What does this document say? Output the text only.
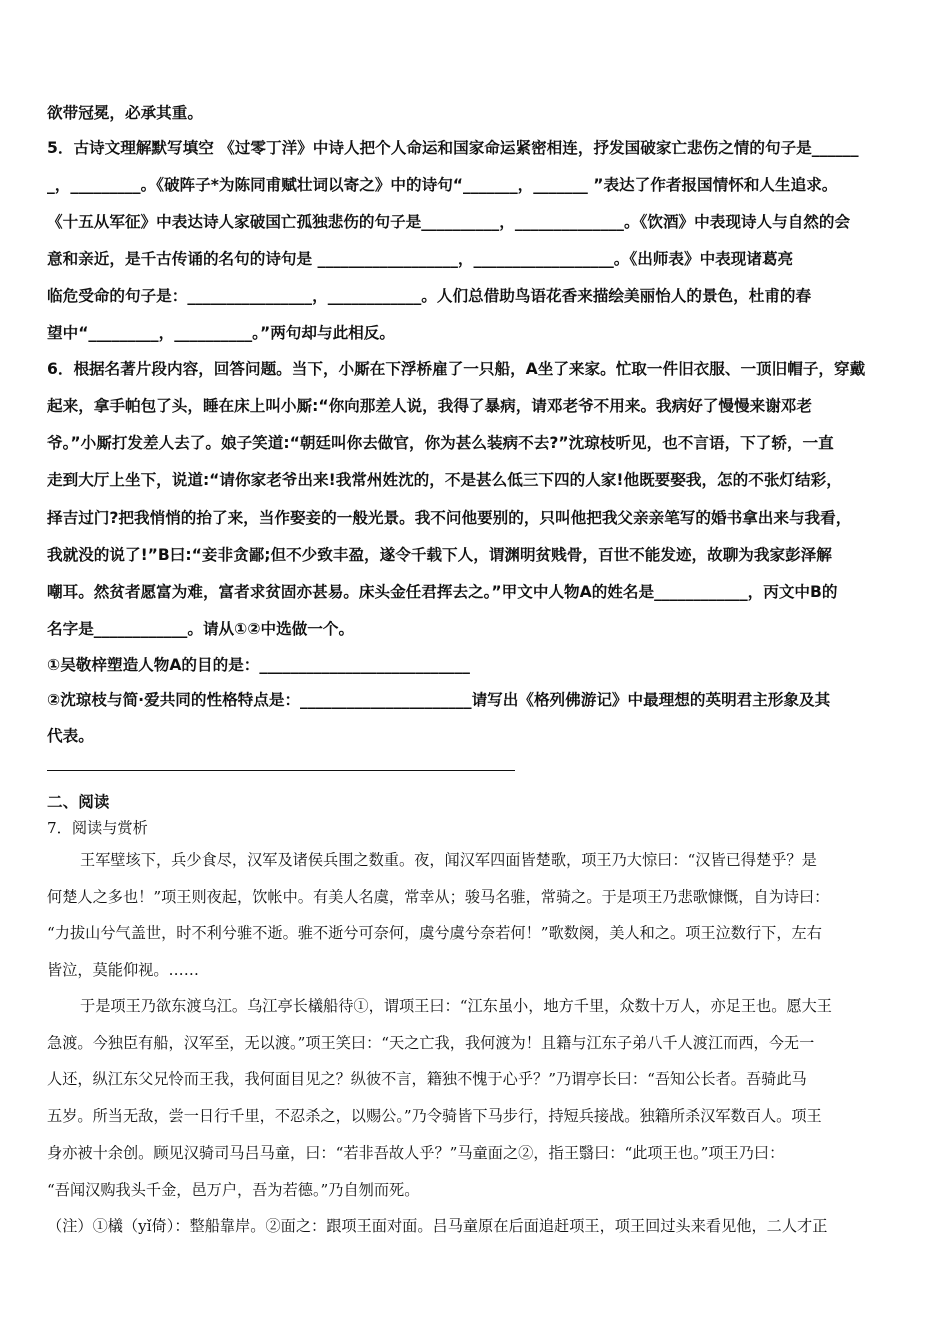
欲带冠冕，必承其重。
5．古诗文理解默写填空 《过零丁洋》中诗人把个人命运和国家命运紧密相连，抒发国破家亡悲伤之情的句子是______
_，_________。《破阵子*为陈同甫赋壮词以寄之》中的诗句“_______，_______ ”表达了作者报国情怀和人生追求。
《十五从军征》中表达诗人家破国亡孤独悲伤的句子是__________，______________。《饮酒》中表现诗人与自然的会
意和亲近，是千古传诵的名句的诗句是 __________________，__________________。《出师表》中表现诸葛亮
临危受命的句子是：________________，____________。人们总借助鸟语花香来描绘美丽怡人的景色，杜甫的春
望中“_________，__________。”两句却与此相反。
6．根据名著片段内容，回答问题。当下，小厮在下浮桥雇了一只船，A坐了来家。忙取一件旧衣服、一顶旧帽子，穿戴
起来，拿手帕包了头，睡在床上叫小厮:“你向那差人说，我得了暴病，请邓老爷不用来。我病好了慢慢来谢邓老
爷。”小厮打发差人去了。娘子笑道:“朝廷叫你去做官，你为甚么装病不去?”沈琼枝听见，也不言语，下了轿，一直
走到大厅上坐下，说道:“请你家老爷出来!我常州姓沈的，不是甚么低三下四的人家!他既要娶我，怎的不张灯结彩，
择吉过门?把我悄悄的抬了来，当作娶妾的一般光景。我不问他要别的，只叫他把我父亲亲笔写的婚书拿出来与我看，
我就没的说了!”B曰:“妾非贪鄙;但不少致丰盈，遂令千载下人，谓渊明贫贱骨，百世不能发迹，故聊为我家彭泽解
嘲耳。然贫者愿富为难，富者求贫固亦甚易。床头金任君挥去之。”甲文中人物A的姓名是____________，丙文中B的
名字是____________。请从①②中选做一个。
①吴敬梓塑造人物A的目的是：___________________________
②沈琼枝与简·爱共同的性格特点是：______________________请写出《格列佛游记》中最理想的英明君主形象及其
代表。
二、阅读
7．阅读与赏析
王军壁垓下，兵少食尽，汉军及诸侯兵围之数重。夜，闻汉军四面皆楚歌，项王乃大惊曰：“汉皆已得楚乎？是
何楚人之多也！”项王则夜起，饮帐中。有美人名虞，常幸从；骏马名骓，常骑之。于是项王乃悲歌慷慨，自为诗曰：
“力拔山兮气盖世，时不利兮骓不逝。骓不逝兮可奈何，虞兮虞兮奈若何！”歌数阕，美人和之。项王泣数行下，左右
皆泣，莫能仰视。……
于是项王乃欲东渡乌江。乌江亭长檥船待①，谓项王曰：“江东虽小，地方千里，众数十万人，亦足王也。愿大王
急渡。今独臣有船，汉军至，无以渡。”项王笑曰：“天之亡我，我何渡为！且籍与江东子弟八千人渡江而西，今无一
人还，纵江东父兄怜而王我，我何面目见之？纵彼不言，籍独不愧于心乎？”乃谓亭长曰：“吾知公长者。吾骑此马
五岁。所当无敌，尝一日行千里，不忍杀之，以赐公。”乃令骑皆下马步行，持短兵接战。独籍所杀汉军数百人。项王
身亦被十余创。顾见汉骑司马吕马童，曰：“若非吾故人乎？”马童面之②，指王翳曰：“此项王也。”项王乃曰：
“吾闻汉购我头千金，邑万户，吾为若德。”乃自刎而死。
（注）①檥（yǐ倚）：整船靠岸。②面之：跟项王面对面。吕马童原在后面追赶项王，项王回过头来看见他，二人才正
